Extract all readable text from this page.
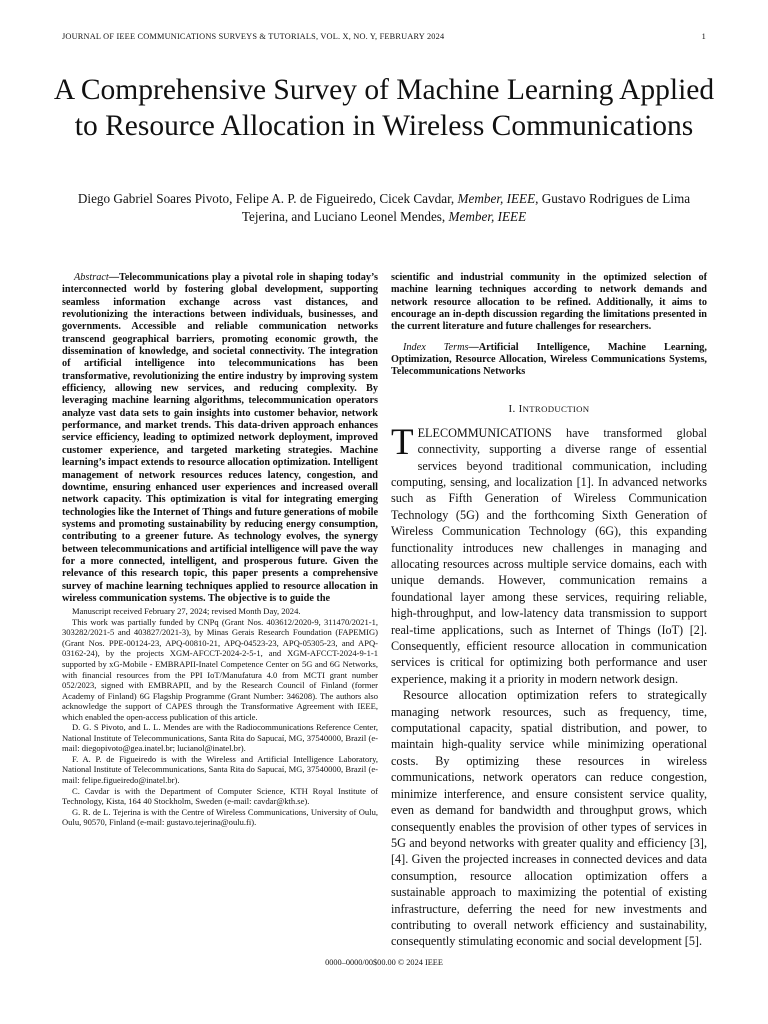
JOURNAL OF IEEE COMMUNICATIONS SURVEYS & TUTORIALS, VOL. X, NO. Y, FEBRUARY 2024	1
A Comprehensive Survey of Machine Learning Applied to Resource Allocation in Wireless Communications
Diego Gabriel Soares Pivoto, Felipe A. P. de Figueiredo, Cicek Cavdar, Member, IEEE, Gustavo Rodrigues de Lima Tejerina, and Luciano Leonel Mendes, Member, IEEE

Abstract—Telecommunications play a pivotal role in shaping today’s interconnected world by fostering global development, supporting seamless information exchange across vast distances, and revolutionizing the interactions between individuals, businesses, and governments. Accessible and reliable communication networks transcend geographical barriers, promoting economic growth, the dissemination of knowledge, and societal connectivity. The integration of artificial intelligence into telecommunications has been transformative, revolutionizing the entire industry by improving system efficiency, allowing new services, and reducing complexity. By leveraging machine learning algorithms, telecommunication operators analyze vast data sets to gain insights into customer behavior, network performance, and market trends. This data-driven approach enhances service efficiency, leading to optimized network deployment, improved customer experience, and targeted marketing strategies. Machine learning’s impact extends to resource allocation optimization. Intelligent management of network resources reduces latency, congestion, and downtime, ensuring enhanced user experiences and increased overall network capacity. This optimization is vital for integrating emerging technologies like the Internet of Things and future generations of mobile systems and promoting sustainability by reducing energy consumption, contributing to a greener future. As technology evolves, the synergy between telecommunications and artificial intelligence will pave the way for a more connected, intelligent, and prosperous future. Given the relevance of this research topic, this paper presents a comprehensive survey of machine learning techniques applied to resource allocation in wireless communication systems. The objective is to guide the

Manuscript received February 27, 2024; revised Month Day, 2024.

This work was partially funded by CNPq (Grant Nos. 403612/2020-9, 311470/2021-1, 303282/2021-5 and 403827/2021-3), by Minas Gerais Research Foundation (FAPEMIG) (Grant Nos. PPE-00124-23, APQ-00810-21, APQ-04523-23, APQ-05305-23, and APQ-03162-24), by the projects XGM-AFCCT-2024-2-5-1, and XGM-AFCCT-2024-9-1-1 supported by xG-Mobile - EMBRAPII-Inatel Competence Center on 5G and 6G Networks, with financial resources from the PPI IoT/Manufatura 4.0 from MCTI grant number 052/2023, signed with EMBRAPII, and by the Research Council of Finland (former Academy of Finland) 6G Flagship Programme (Grant Number: 346208). The authors also acknowledge the support of CAPES through the Transformative Agreement with IEEE, which enabled the open-access publication of this article.

D. G. S Pivoto, and L. L. Mendes are with the Radiocommunications Reference Center, National Institute of Telecommunications, Santa Rita do Sapucaí, MG, 37540000, Brazil (e-mail: diegopivoto@gea.inatel.br; lucianol@inatel.br).

F. A. P. de Figueiredo is with the Wireless and Artificial Intelligence Laboratory, National Institute of Telecommunications, Santa Rita do Sapucaí, MG, 37540000, Brazil (e-mail: felipe.figueiredo@inatel.br).

C. Cavdar is with the Department of Computer Science, KTH Royal Institute of Technology, Kista, 164 40 Stockholm, Sweden (e-mail: cavdar@kth.se).

G. R. de L. Tejerina is with the Centre of Wireless Communications, University of Oulu, Oulu, 90570, Finland (e-mail: gustavo.tejerina@oulu.fi).

scientific and industrial community in the optimized selection of machine learning techniques according to network demands and network resource allocation to be refined. Additionally, it aims to encourage an in-depth discussion regarding the limitations presented in the current literature and future challenges for researchers.

Index Terms—Artificial Intelligence, Machine Learning, Optimization, Resource Allocation, Wireless Communications Systems, Telecommunications Networks

I. INTRODUCTION

TELECOMMUNICATIONS have transformed global connectivity, supporting a diverse range of essential services beyond traditional communication, including computing, sensing, and localization [1]. In advanced networks such as Fifth Generation of Wireless Communication Technology (5G) and the forthcoming Sixth Generation of Wireless Communication Technology (6G), this expanding functionality introduces new challenges in managing and allocating resources across multiple service domains, each with unique demands. However, communication remains a foundational layer among these services, requiring reliable, high-throughput, and low-latency data transmission to support real-time applications, such as Internet of Things (IoT) [2]. Consequently, efficient resource allocation in communication services is critical for optimizing both performance and user experience, making it a priority in modern network design.

Resource allocation optimization refers to strategically managing network resources, such as frequency, time, computational capacity, spatial distribution, and power, to maintain high-quality service while minimizing operational costs. By optimizing these resources in wireless communications, network operators can reduce congestion, minimize interference, and ensure consistent service quality, even as demand for bandwidth and throughput grows, which consequently enables the provision of other types of services in 5G and beyond networks with greater quality and efficiency [3], [4]. Given the projected increases in connected devices and data consumption, resource allocation optimization offers a sustainable approach to maximizing the potential of existing infrastructure, deferring the need for new investments and contributing to overall network efficiency and sustainability, consequently stimulating economic and social development [5].

0000–0000/00$00.00 © 2024 IEEE
